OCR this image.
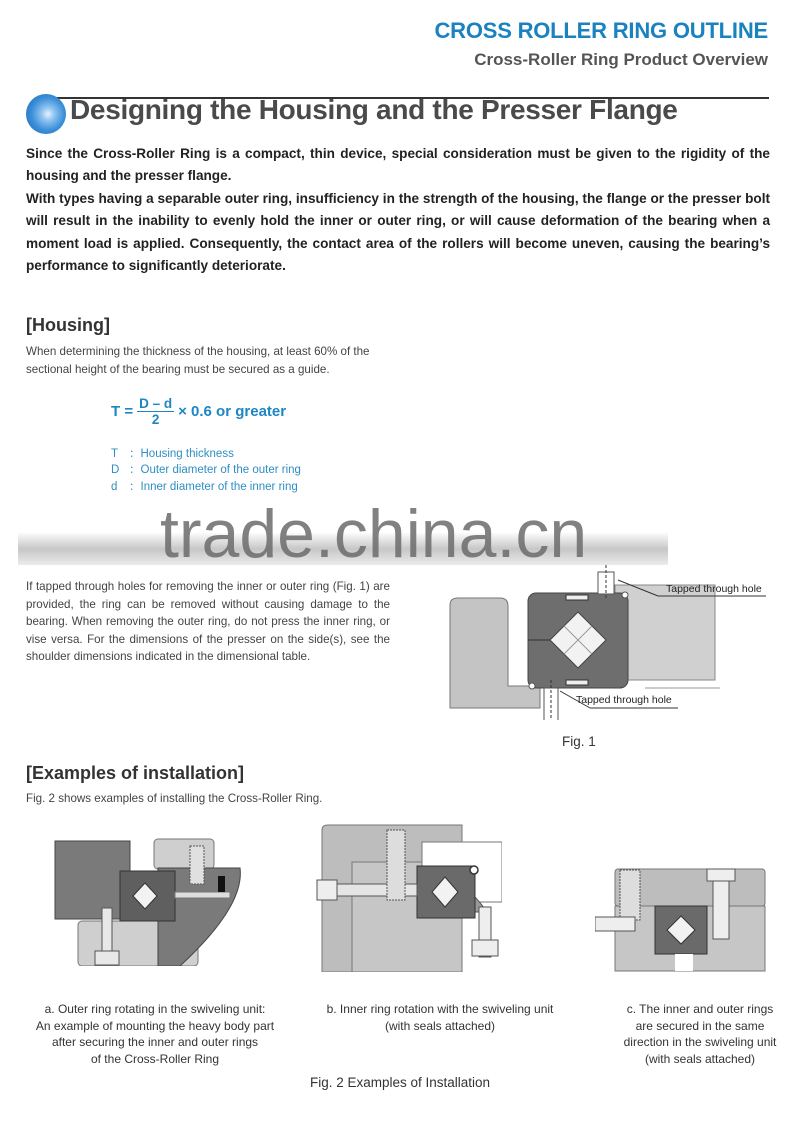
CROSS ROLLER RING OUTLINE
Cross-Roller Ring Product Overview
Designing the Housing and the Presser Flange

Since the Cross-Roller Ring is a compact, thin device, special consideration must be given to the rigidity of the housing and the presser flange.

With types having a separable outer ring, insufficiency in the strength of the housing, the flange or the presser bolt will result in the inability to evenly hold the inner or outer ring, or will cause deformation of the bearing when a moment load is applied. Consequently, the contact area of the rollers will become uneven, causing the bearing’s performance to significantly deteriorate.

[Housing]
When determining the thickness of the housing, at least 60% of the sectional height of the bearing must be secured as a guide.
$T = \frac{D - d}{2} \times 0.6$ or greater
T ：Housing thickness
D ：Outer diameter of the outer ring
d ：Inner diameter of the inner ring
trade.china.cn
If tapped through holes for removing the inner or outer ring (Fig. 1) are provided, the ring can be removed without causing damage to the bearing. When removing the outer ring, do not press the inner ring, or vise versa. For the dimensions of the presser on the side(s), see the shoulder dimensions indicated in the dimensional table.
Tapped through hole
Tapped through hole
Fig. 1
[Examples of installation]
Fig. 2 shows examples of installing the Cross-Roller Ring.
a. Outer ring rotating in the swiveling unit:
An example of mounting the heavy body part
after securing the inner and outer rings
of the Cross-Roller Ring
b. Inner ring rotation with the swiveling unit
(with seals attached)
c. The inner and outer rings
are secured in the same
direction in the swiveling unit
(with seals attached)
Fig. 2 Examples of Installation
